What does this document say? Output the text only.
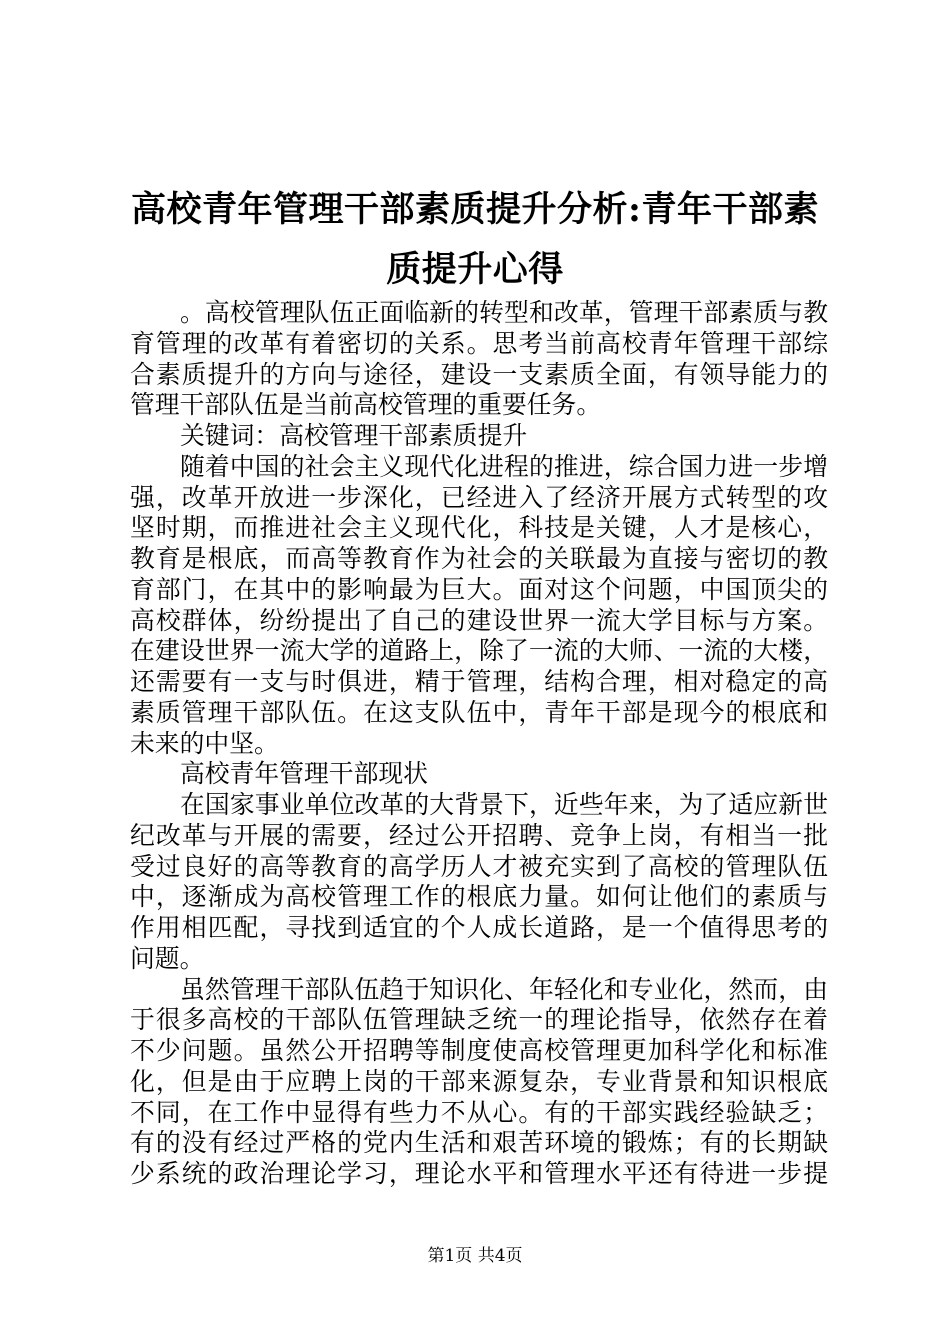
高校青年管理干部素质提升分析:青年干部素
质提升心得
。高校管理队伍正面临新的转型和改革，管理干部素质与教
育管理的改革有着密切的关系。思考当前高校青年管理干部综
合素质提升的方向与途径，建设一支素质全面，有领导能力的
管理干部队伍是当前高校管理的重要任务。
关键词：高校管理干部素质提升
随着中国的社会主义现代化进程的推进，综合国力进一步增
强，改革开放进一步深化，已经进入了经济开展方式转型的攻
坚时期，而推进社会主义现代化，科技是关键，人才是核心，
教育是根底，而高等教育作为社会的关联最为直接与密切的教
育部门，在其中的影响最为巨大。面对这个问题，中国顶尖的
高校群体，纷纷提出了自己的建设世界一流大学目标与方案。
在建设世界一流大学的道路上，除了一流的大师、一流的大楼，
还需要有一支与时俱进，精于管理，结构合理，相对稳定的高
素质管理干部队伍。在这支队伍中，青年干部是现今的根底和
未来的中坚。
高校青年管理干部现状
在国家事业单位改革的大背景下，近些年来，为了适应新世
纪改革与开展的需要，经过公开招聘、竞争上岗，有相当一批
受过良好的高等教育的高学历人才被充实到了高校的管理队伍
中，逐渐成为高校管理工作的根底力量。如何让他们的素质与
作用相匹配，寻找到适宜的个人成长道路，是一个值得思考的
问题。
虽然管理干部队伍趋于知识化、年轻化和专业化，然而，由
于很多高校的干部队伍管理缺乏统一的理论指导，依然存在着
不少问题。虽然公开招聘等制度使高校管理更加科学化和标准
化，但是由于应聘上岗的干部来源复杂，专业背景和知识根底
不同，在工作中显得有些力不从心。有的干部实践经验缺乏；
有的没有经过严格的党内生活和艰苦环境的锻炼；有的长期缺
少系统的政治理论学习，理论水平和管理水平还有待进一步提
第1页 共4页
